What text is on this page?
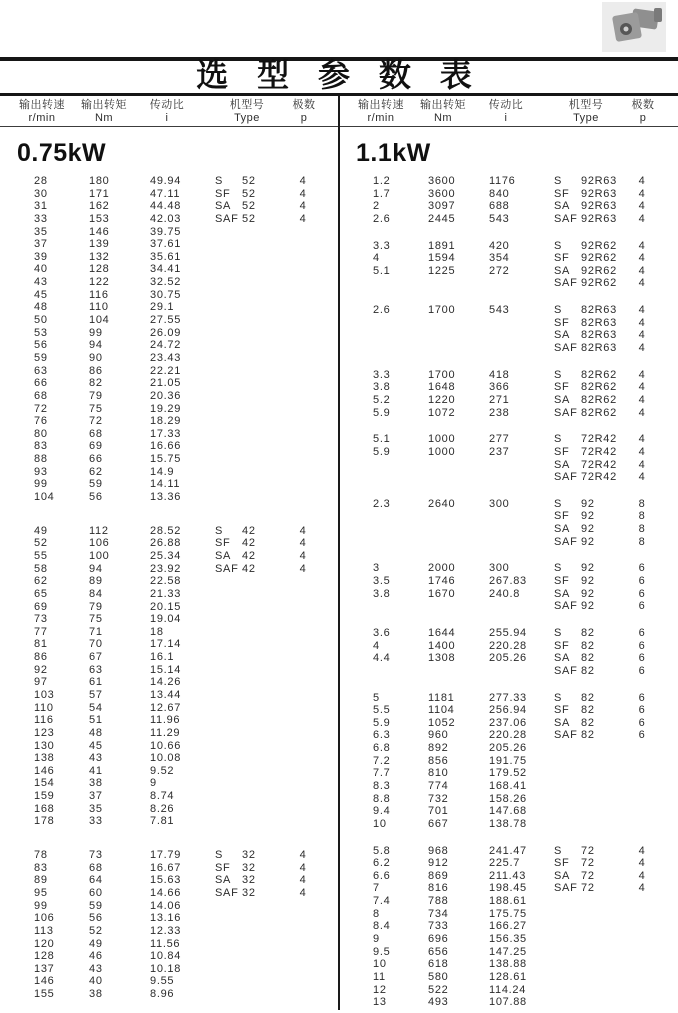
选 型 参 数 表
输出转速
r/min
输出转矩
Nm
传动比
i
机型号
Type
极数
p
输出转速
r/min
输出转矩
Nm
传动比
i
机型号
Type
极数
p
0.75kW
28	180	49.94	S 52	4
30	171	47.11	SF 52	4
31	162	44.48	SA 52	4
33	153	42.03	SAF 52	4
35	146	39.75
37	139	37.61
39	132	35.61
40	128	34.41
43	122	32.52
45	116	30.75
48	110	29.1
50	104	27.55
53	99	26.09
56	94	24.72
59	90	23.43
63	86	22.21
66	82	21.05
68	79	20.36
72	75	19.29
76	72	18.29
80	68	17.33
83	69	16.66
88	66	15.75
93	62	14.9
99	59	14.11
104	56	13.36
49	112	28.52	S 42	4
52	106	26.88	SF 42	4
55	100	25.34	SA 42	4
58	94	23.92	SAF 42	4
62	89	22.58
65	84	21.33
69	79	20.15
73	75	19.04
77	71	18
81	70	17.14
86	67	16.1
92	63	15.14
97	61	14.26
103	57	13.44
110	54	12.67
116	51	11.96
123	48	11.29
130	45	10.66
138	43	10.08
146	41	9.52
154	38	9
159	37	8.74
168	35	8.26
178	33	7.81
78	73	17.79	S 32	4
83	68	16.67	SF 32	4
89	64	15.63	SA 32	4
95	60	14.66	SAF 32	4
99	59	14.06
106	56	13.16
113	52	12.33
120	49	11.56
128	46	10.84
137	43	10.18
146	40	9.55
155	38	8.96
1.1kW
1.2	3600	1176	S 92R63	4
1.7	3600	840	SF 92R63	4
2	3097	688	SA 92R63	4
2.6	2445	543	SAF 92R63	4
3.3	1891	420	S 92R62	4
4	1594	354	SF 92R62	4
5.1	1225	272	SA 92R62	4
SAF 92R62	4
2.6	1700	543	S 82R63	4
SF 82R63	4
SA 82R63	4
SAF 82R63	4
3.3	1700	418	S 82R62	4
3.8	1648	366	SF 82R62	4
5.2	1220	271	SA 82R62	4
5.9	1072	238	SAF 82R62	4
5.1	1000	277	S 72R42	4
5.9	1000	237	SF 72R42	4
SA 72R42	4
SAF 72R42	4
2.3	2640	300	S 92	8
SF 92	8
SA 92	8
SAF 92	8
3	2000	300	S 92	6
3.5	1746	267.83 SF 92	6
3.8	1670	240.8	SA 92	6
SAF 92	6
3.6	1644	255.94 S 82	6
4	1400	220.28 SF 82	6
4.4	1308	205.26 SA 82	6
SAF 82	6
5	1181	277.33 S 82	6
5.5	1104	256.94 SF 82	6
5.9	1052	237.06 SA 82	6
6.3	960	220.28 SAF 82	6
6.8	892	205.26
7.2	856	191.75
7.7	810	179.52
8.3	774	168.41
8.8	732	158.26
9.4	701	147.68
10	667	138.78
5.8	968	241.47 S 72	4
6.2	912	225.7	SF 72	4
6.6	869	211.43	SA 72	4
7	816	198.45 SAF 72	4
7.4	788	188.61
8	734	175.75
8.4	733	166.27
9	696	156.35
9.5	656	147.25
10	618	138.88
11	580	128.61
12	522	114.24
13	493	107.88
